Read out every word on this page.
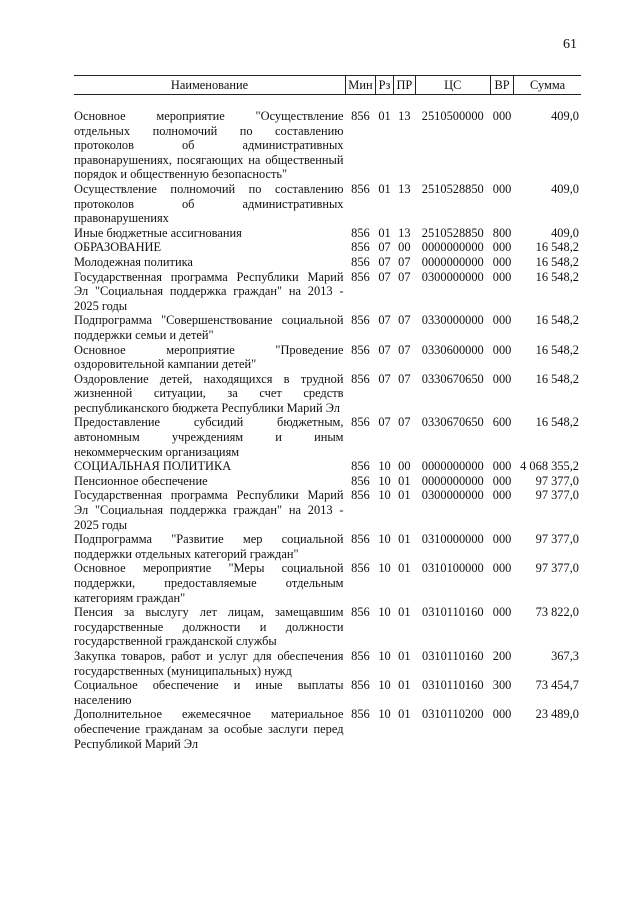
61
Наименование	Мин	Рз	ПР	ЦС	ВР	Сумма

Основное мероприятие "Осуществление отдельных полномочий по составлению протоколов об административных правонарушениях, посягающих на общественный порядок и общественную безопасность"	856	01	13	2510500000	000	409,0
Осуществление полномочий по составлению протоколов об административных правонарушениях	856	01	13	2510528850	000	409,0
Иные бюджетные ассигнования	856	01	13	2510528850	800	409,0
ОБРАЗОВАНИЕ	856	07	00	0000000000	000	16 548,2
Молодежная политика	856	07	07	0000000000	000	16 548,2
Государственная программа Республики Марий Эл "Социальная поддержка граждан" на 2013 - 2025 годы	856	07	07	0300000000	000	16 548,2
Подпрограмма "Совершенствование социальной поддержки семьи и детей"	856	07	07	0330000000	000	16 548,2
Основное мероприятие "Проведение оздоровительной кампании детей"	856	07	07	0330600000	000	16 548,2
Оздоровление детей, находящихся в трудной жизненной ситуации, за счет средств республиканского бюджета Республики Марий Эл	856	07	07	0330670650	000	16 548,2
Предоставление субсидий бюджетным, автономным учреждениям и иным некоммерческим организациям	856	07	07	0330670650	600	16 548,2
СОЦИАЛЬНАЯ ПОЛИТИКА	856	10	00	0000000000	000	4 068 355,2
Пенсионное обеспечение	856	10	01	0000000000	000	97 377,0
Государственная программа Республики Марий Эл "Социальная поддержка граждан" на 2013 - 2025 годы	856	10	01	0300000000	000	97 377,0
Подпрограмма "Развитие мер социальной поддержки отдельных категорий граждан"	856	10	01	0310000000	000	97 377,0
Основное мероприятие "Меры социальной поддержки, предоставляемые отдельным категориям граждан"	856	10	01	0310100000	000	97 377,0
Пенсия за выслугу лет лицам, замещавшим государственные должности и должности государственной гражданской службы	856	10	01	0310110160	000	73 822,0
Закупка товаров, работ и услуг для обеспечения государственных (муниципальных) нужд	856	10	01	0310110160	200	367,3
Социальное обеспечение и иные выплаты населению	856	10	01	0310110160	300	73 454,7
Дополнительное ежемесячное материальное обеспечение гражданам за особые заслуги перед Республикой Марий Эл	856	10	01	0310110200	000	23 489,0
